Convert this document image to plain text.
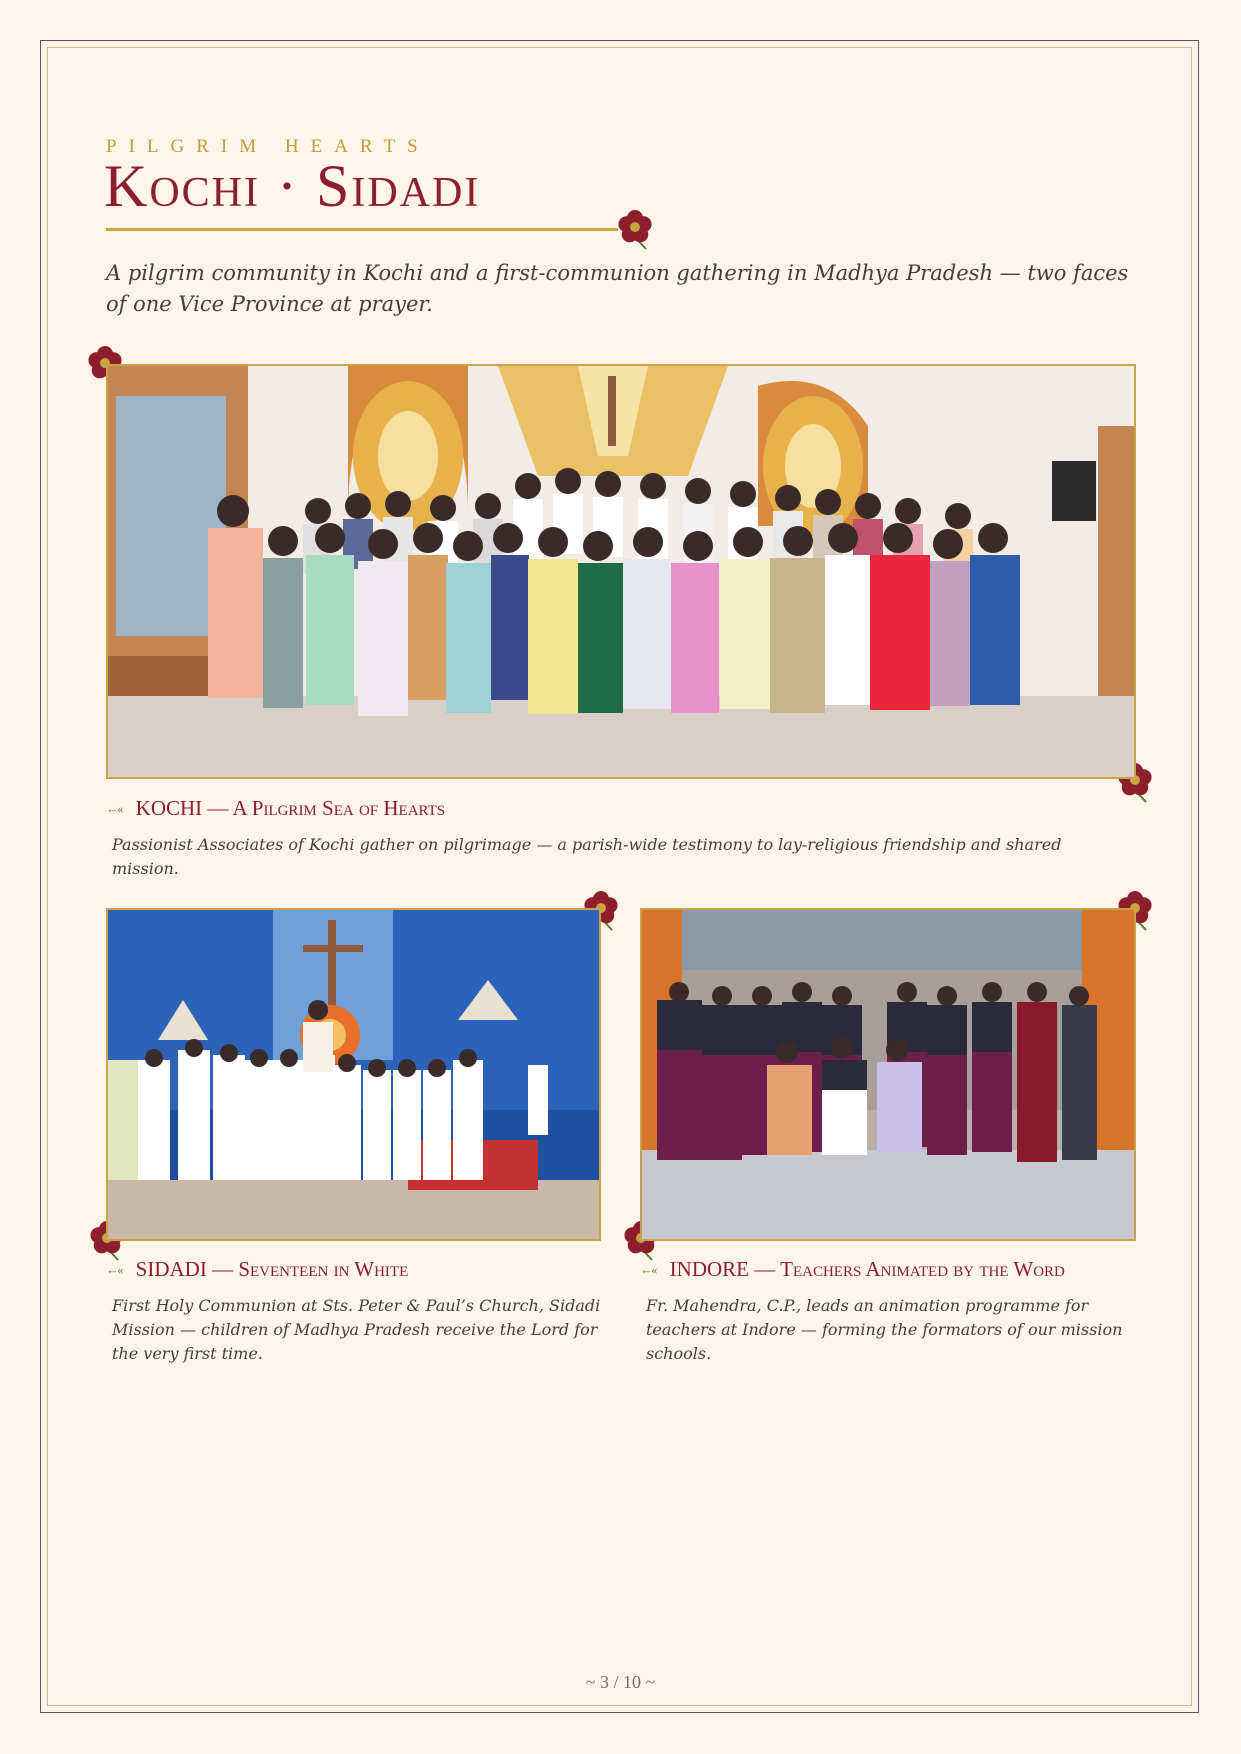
PILGRIM HEARTS

Kochi · Sidadi

A pilgrim community in Kochi and a first-communion gathering in Madhya Pradesh — two faces of one Vice Province at prayer.

←‹‹ KOCHI — A Pilgrim Sea of Hearts

Passionist Associates of Kochi gather on pilgrimage — a parish-wide testimony to lay-religious friendship and shared mission.

←‹‹ SIDADI — Seventeen in White

First Holy Communion at Sts. Peter & Paul’s Church, Sidadi Mission — children of Madhya Pradesh receive the Lord for the very first time.

←‹‹ INDORE — Teachers Animated by the Word

Fr. Mahendra, C.P., leads an animation programme for teachers at Indore — forming the formators of our mission schools.

~ 3 / 10 ~
